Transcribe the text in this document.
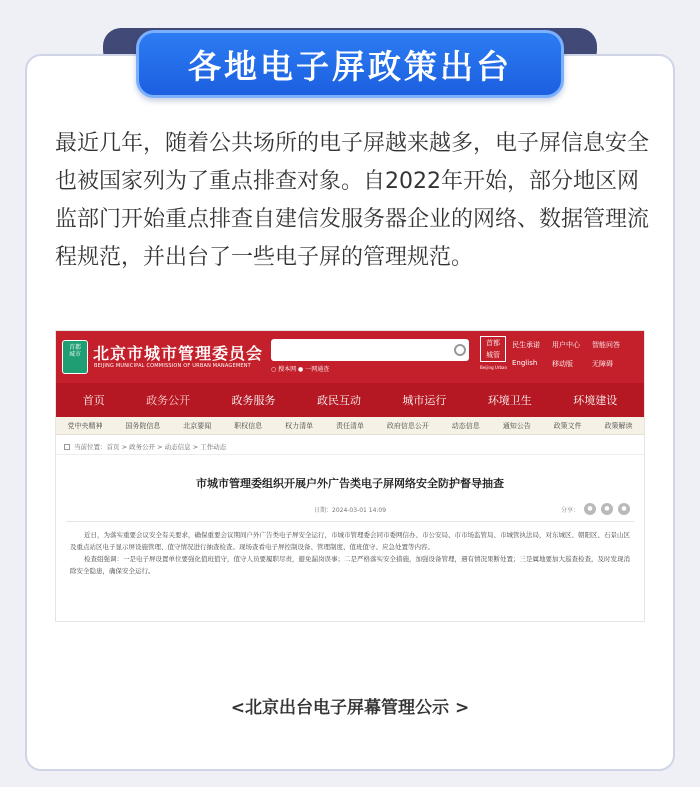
各地电子屏政策出台
最近几年，随着公共场所的电子屏越来越多，电子屏信息安全也被国家列为了重点排查对象。自2022年开始，部分地区网监部门开始重点排查自建信发服务器企业的网络、数据管理流程规范，并出台了一些电子屏的管理规范。
首都
城市 北京市城市管理委员会
BEIJING MUNICIPAL COMMISSION OF URBAN MANAGEMENT	○ 搜本网 ● 一网通查
首都
城管
Beijing Urban
民生承诺	用户中心	智能问答
English	移动版	无障碍
首页	政务公开	政务服务	政民互动	城市运行	环境卫生	环境建设
党中央精神	国务院信息	北京要闻	职权信息	权力清单	责任清单	政府信息公开	动态信息	通知公告	政策文件	政策解读
当前位置：首页 > 政务公开 > 动态信息 > 工作动态
市城市管理委组织开展户外广告类电子屏网络安全防护督导抽查
日期：2024-03-01 14:09	分享：	●	●	●

近日，为落实重要会议安全有关要求，确保重要会议期间户外广告类电子屏安全运行，市城市管理委会同市委网信办、市公安局、市市场监管局、市城管执法局，对东城区、朝阳区、石景山区及重点站区电子显示屏设施管理、值守情况进行抽查检查。现场查看电子屏控制设备、管理制度、值班值守、应急处置等内容。

检查组强调：一是电子屏设置单位要强化值班值守，值守人员要履职尽责，避免漏岗误事；二是严格落实安全措施，加强设备管理，遇有情况果断处置；三是属地要加大巡查检查，及时发现消除安全隐患，确保安全运行。

<北京出台电子屏幕管理公示 >
